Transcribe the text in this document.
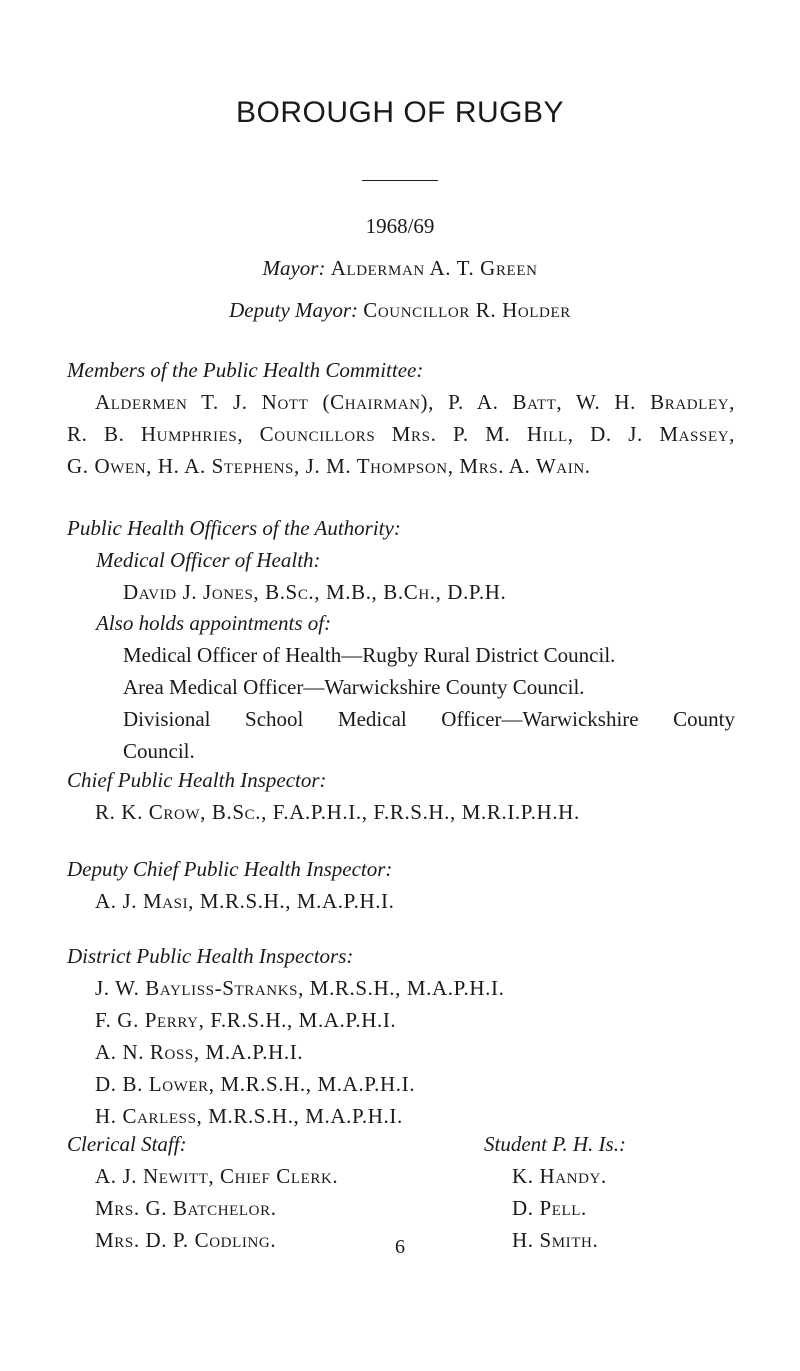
BOROUGH OF RUGBY
1968/69
Mayor: Alderman A. T. Green
Deputy Mayor: Councillor R. Holder
Members of the Public Health Committee:
Aldermen T. J. Nott (Chairman), P. A. Batt, W. H. Bradley,
R. B. Humphries, Councillors Mrs. P. M. Hill, D. J. Massey,
G. Owen, H. A. Stephens, J. M. Thompson, Mrs. A. Wain.
Public Health Officers of the Authority:
Medical Officer of Health:
David J. Jones, B.Sc., M.B., B.Ch., D.P.H.
Also holds appointments of:
Medical Officer of Health—Rugby Rural District Council.
Area Medical Officer—Warwickshire County Council.
Divisional School Medical Officer—Warwickshire County
Council.
Chief Public Health Inspector:
R. K. Crow, B.Sc., F.A.P.H.I., F.R.S.H., M.R.I.P.H.H.
Deputy Chief Public Health Inspector:
A. J. Masi, M.R.S.H., M.A.P.H.I.
District Public Health Inspectors:
J. W. Bayliss-Stranks, M.R.S.H., M.A.P.H.I.
F. G. Perry, F.R.S.H., M.A.P.H.I.
A. N. Ross, M.A.P.H.I.
D. B. Lower, M.R.S.H., M.A.P.H.I.
H. Carless, M.R.S.H., M.A.P.H.I.
Clerical Staff:
A. J. Newitt, Chief Clerk.
Mrs. G. Batchelor.
Mrs. D. P. Codling.
Student P. H. Is.:
K. Handy.
D. Pell.
H. Smith.
6
